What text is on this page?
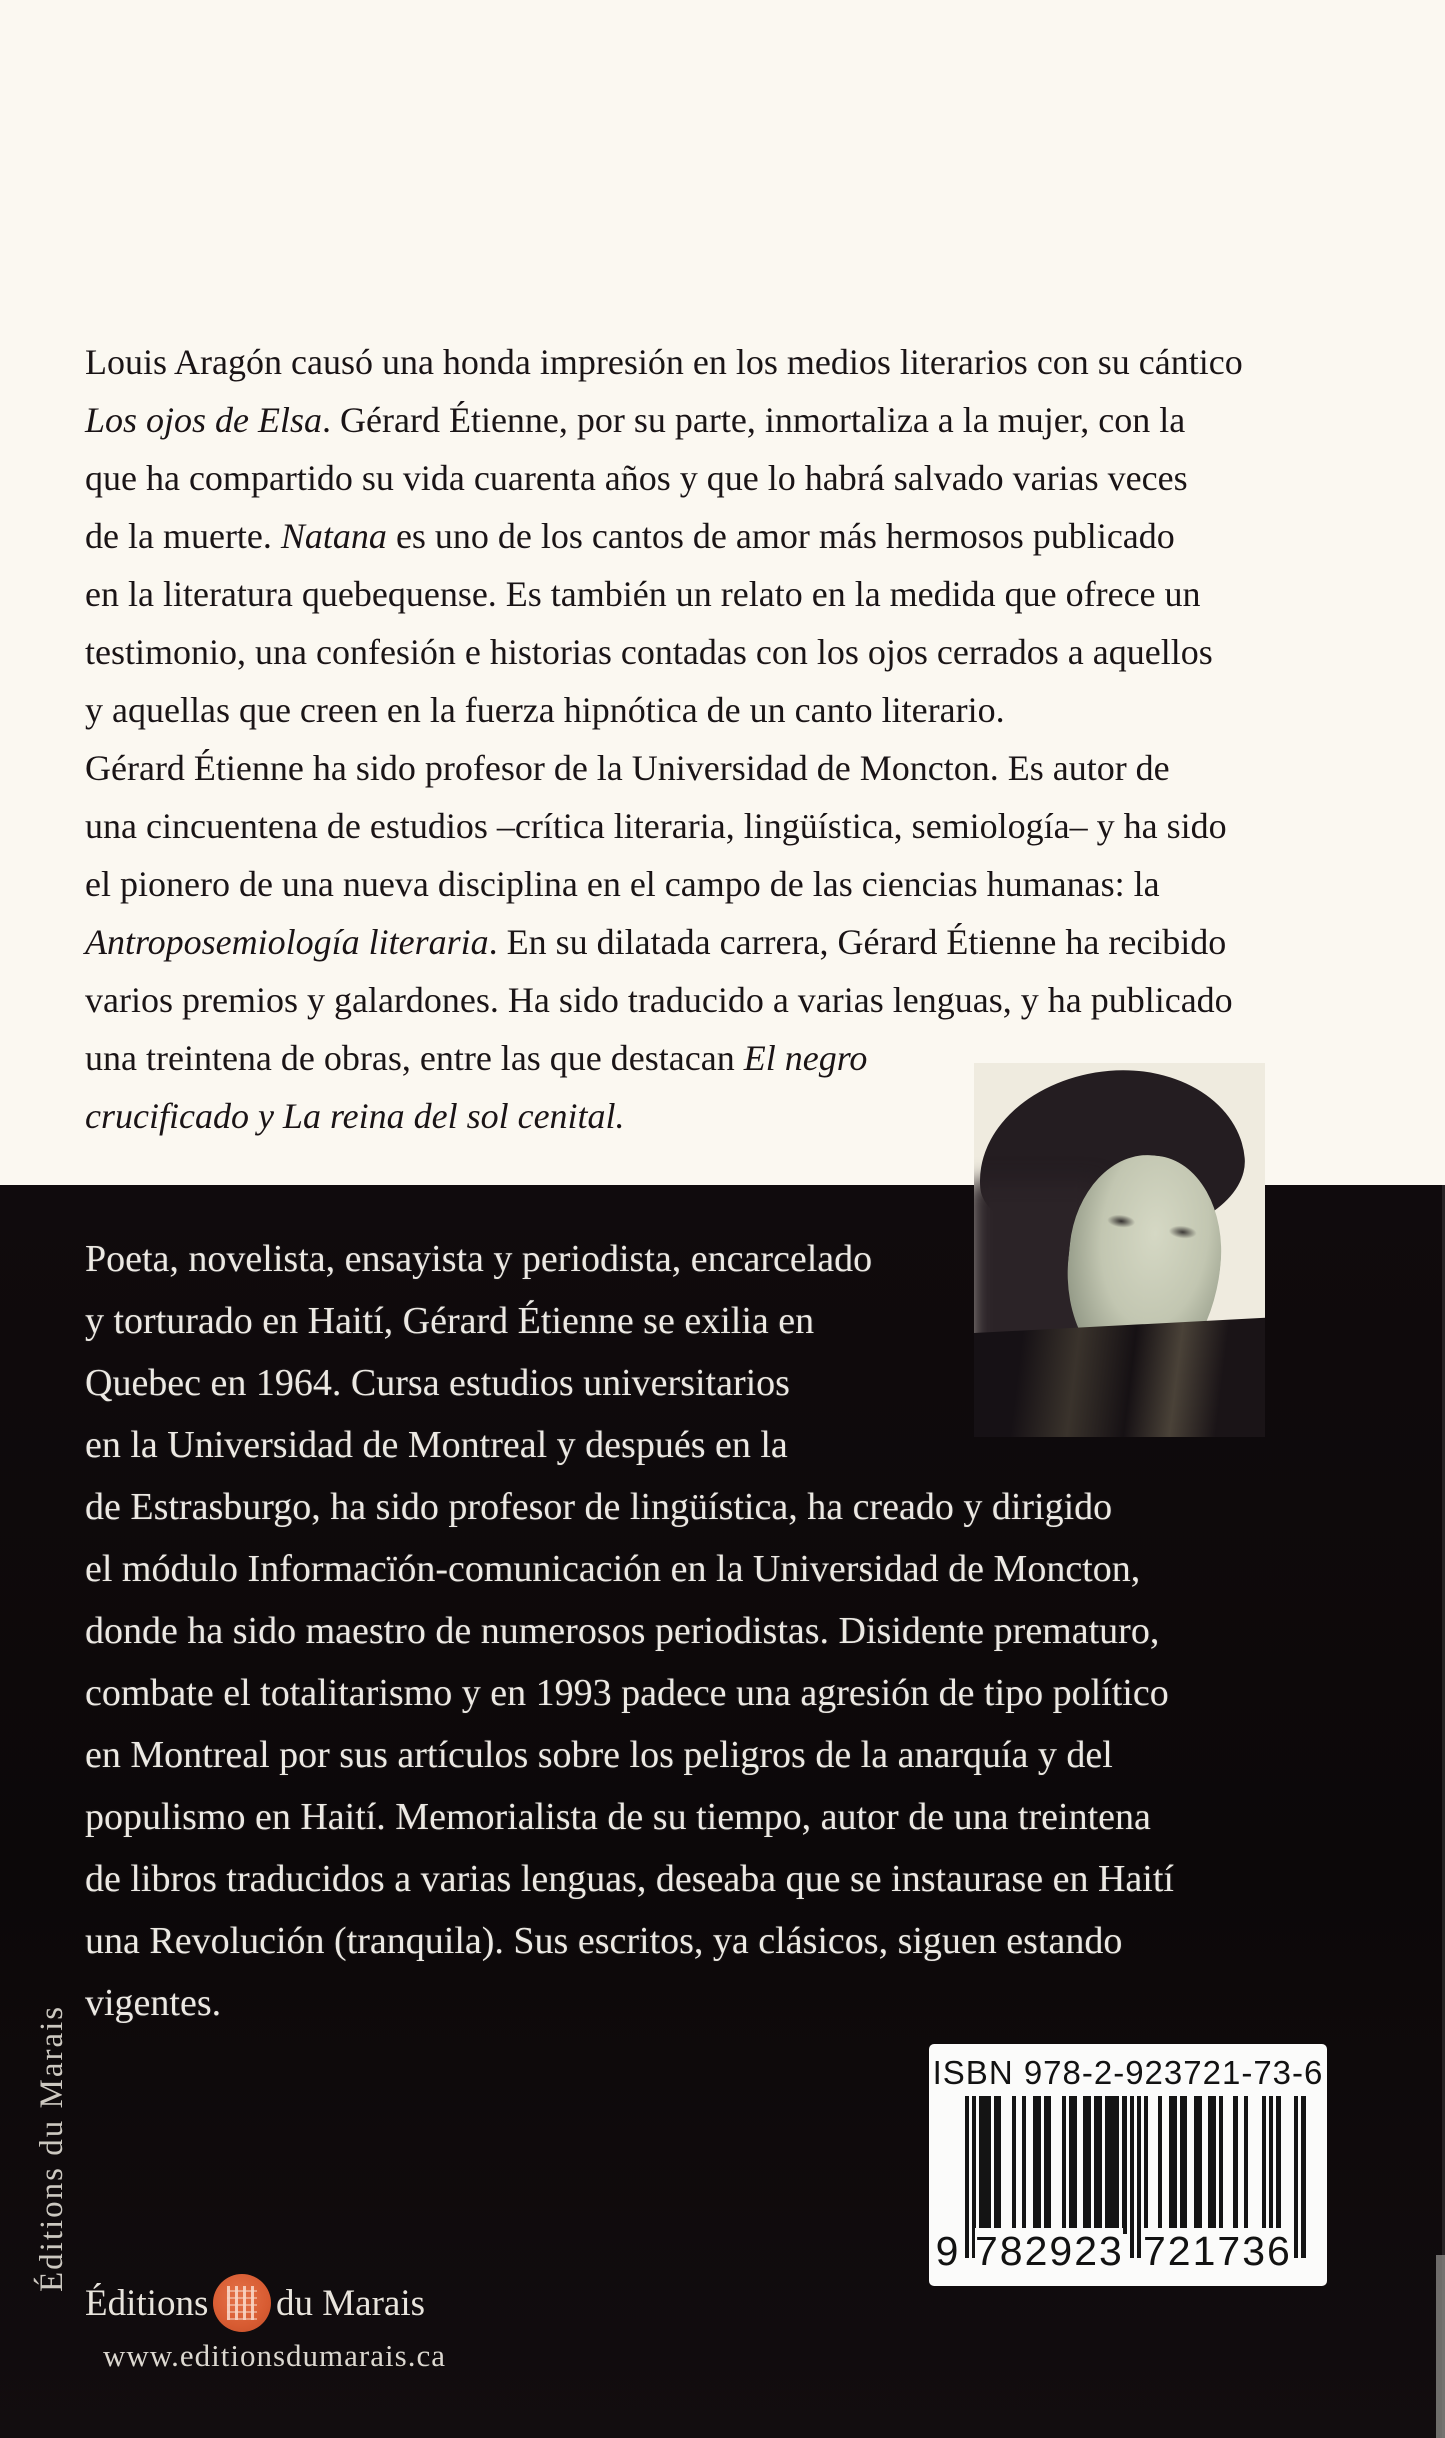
Louis Aragón causó una honda impresión en los medios literarios con su cántico
Los ojos de Elsa. Gérard Étienne, por su parte, inmortaliza a la mujer, con la
que ha compartido su vida cuarenta años y que lo habrá salvado varias veces
de la muerte. Natana es uno de los cantos de amor más hermosos publicado
en la literatura quebequense. Es también un relato en la medida que ofrece un
testimonio, una confesión e historias contadas con los ojos cerrados a aquellos
y aquellas que creen en la fuerza hipnótica de un canto literario.
Gérard Étienne ha sido profesor de la Universidad de Moncton. Es autor de
una cincuentena de estudios –crítica literaria, lingüística, semiología– y ha sido
el pionero de una nueva disciplina en el campo de las ciencias humanas: la
Antroposemiología literaria. En su dilatada carrera, Gérard Étienne ha recibido
varios premios y galardones. Ha sido traducido a varias lenguas, y ha publicado
una treintena de obras, entre las que destacan El negro
crucificado y La reina del sol cenital.
Poeta, novelista, ensayista y periodista, encarcelado
y torturado en Haití, Gérard Étienne se exilia en
Quebec en 1964. Cursa estudios universitarios
en la Universidad de Montreal y después en la
de Estrasburgo, ha sido profesor de lingüística, ha creado y dirigido
el módulo Informacïón-comunicación en la Universidad de Moncton,
donde ha sido maestro de numerosos periodistas. Disidente prematuro,
combate el totalitarismo y en 1993 padece una agresión de tipo político
en Montreal por sus artículos sobre los peligros de la anarquía y del
populismo en Haití. Memorialista de su tiempo, autor de una treintena
de libros traducidos a varias lenguas, deseaba que se instaurase en Haití
una Revolución (tranquila). Sus escritos, ya clásicos, siguen estando
vigentes.
Éditions du Marais
Éditions du Marais
www.editionsdumarais.ca
ISBN 978-2-923721-73-6
9 782923 721736
